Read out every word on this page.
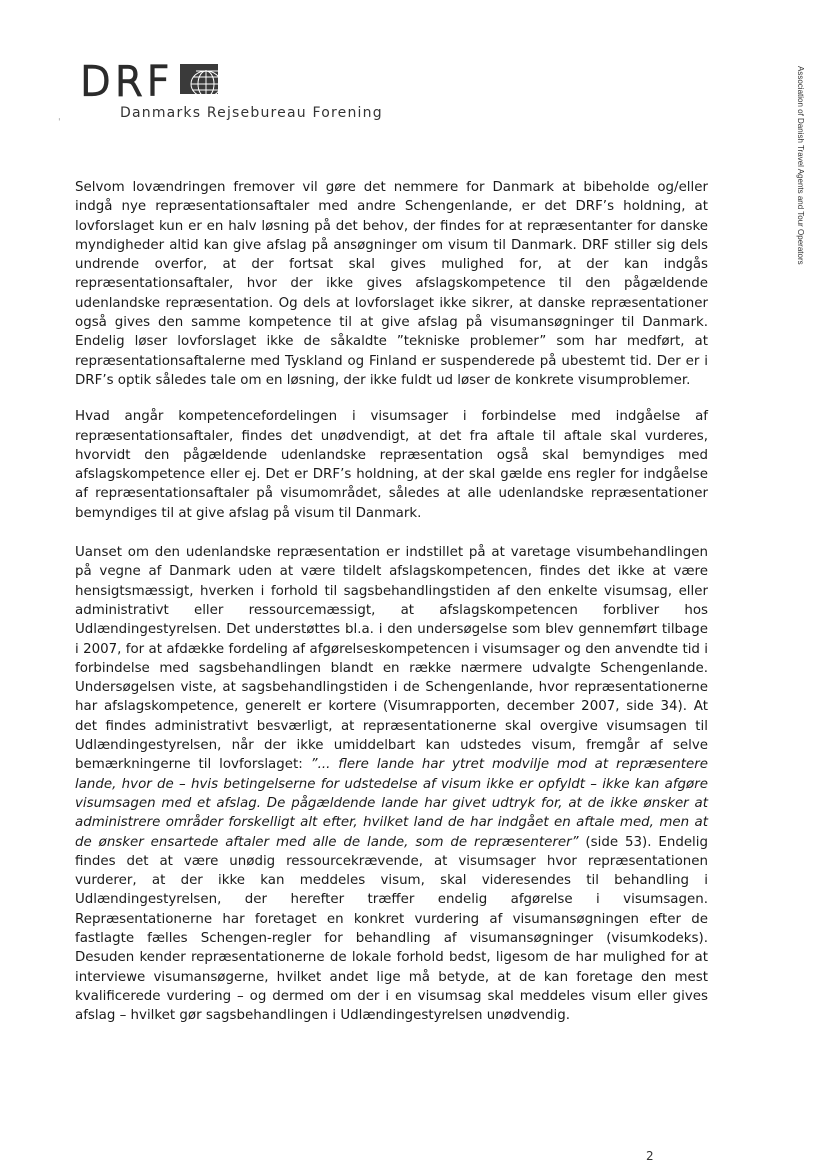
DRF
Danmarks Rejsebureau Forening	Association of Danish Travel Agents and Tour Operators
ˌ

Selvom lovændringen fremover vil gøre det nemmere for Danmark at bibeholde og/eller indgå nye repræsentationsaftaler med andre Schengenlande, er det DRF’s holdning, at lovforslaget kun er en halv løsning på det behov, der findes for at repræsentanter for danske myndigheder altid kan give afslag på ansøgninger om visum til Danmark. DRF stiller sig dels undrende overfor, at der fortsat skal gives mulighed for, at der kan indgås repræsentationsaftaler, hvor der ikke gives afslagskompetence til den pågældende udenlandske repræsentation. Og dels at lovforslaget ikke sikrer, at danske repræsentationer også gives den samme kompetence til at give afslag på visumansøgninger til Danmark. Endelig løser lovforslaget ikke de såkaldte ”tekniske problemer” som har medført, at repræsentationsaftalerne med Tyskland og Finland er suspenderede på ubestemt tid. Der er i DRF’s optik således tale om en løsning, der ikke fuldt ud løser de konkrete visumproblemer.

Hvad angår kompetencefordelingen i visumsager i forbindelse med indgåelse af repræsentationsaftaler, findes det unødvendigt, at det fra aftale til aftale skal vurderes, hvorvidt den pågældende udenlandske repræsentation også skal bemyndiges med afslagskompetence eller ej. Det er DRF’s holdning, at der skal gælde ens regler for indgåelse af repræsentationsaftaler på visumområdet, således at alle udenlandske repræsentationer bemyndiges til at give afslag på visum til Danmark.

Uanset om den udenlandske repræsentation er indstillet på at varetage visumbehandlingen på vegne af Danmark uden at være tildelt afslagskompetencen, findes det ikke at være hensigtsmæssigt, hverken i forhold til sagsbehandlingstiden af den enkelte visumsag, eller administrativt eller ressourcemæssigt, at afslagskompetencen forbliver hos Udlændingestyrelsen. Det understøttes bl.a. i den undersøgelse som blev gennemført tilbage i 2007, for at afdække fordeling af afgørelseskompetencen i visumsager og den anvendte tid i forbindelse med sagsbehandlingen blandt en række nærmere udvalgte Schengenlande. Undersøgelsen viste, at sagsbehandlingstiden i de Schengenlande, hvor repræsentationerne har afslagskompetence, generelt er kortere (Visumrapporten, december 2007, side 34). At det findes administrativt besværligt, at repræsentationerne skal overgive visumsagen til Udlændingestyrelsen, når der ikke umiddelbart kan udstedes visum, fremgår af selve bemærkningerne til lovforslaget: ”... flere lande har ytret modvilje mod at repræsentere lande, hvor de – hvis betingelserne for udstedelse af visum ikke er opfyldt – ikke kan afgøre visumsagen med et afslag. De pågældende lande har givet udtryk for, at de ikke ønsker at administrere områder forskelligt alt efter, hvilket land de har indgået en aftale med, men at de ønsker ensartede aftaler med alle de lande, som de repræsenterer” (side 53). Endelig findes det at være unødig ressourcekrævende, at visumsager hvor repræsentationen vurderer, at der ikke kan meddeles visum, skal videresendes til behandling i Udlændingestyrelsen, der herefter træffer endelig afgørelse i visumsagen. Repræsentationerne har foretaget en konkret vurdering af visumansøgningen efter de fastlagte fælles Schengen-regler for behandling af visumansøgninger (visumkodeks). Desuden kender repræsentationerne de lokale forhold bedst, ligesom de har mulighed for at interviewe visumansøgerne, hvilket andet lige må betyde, at de kan foretage den mest kvalificerede vurdering – og dermed om der i en visumsag skal meddeles visum eller gives afslag – hvilket gør sagsbehandlingen i Udlændingestyrelsen unødvendig.

2
